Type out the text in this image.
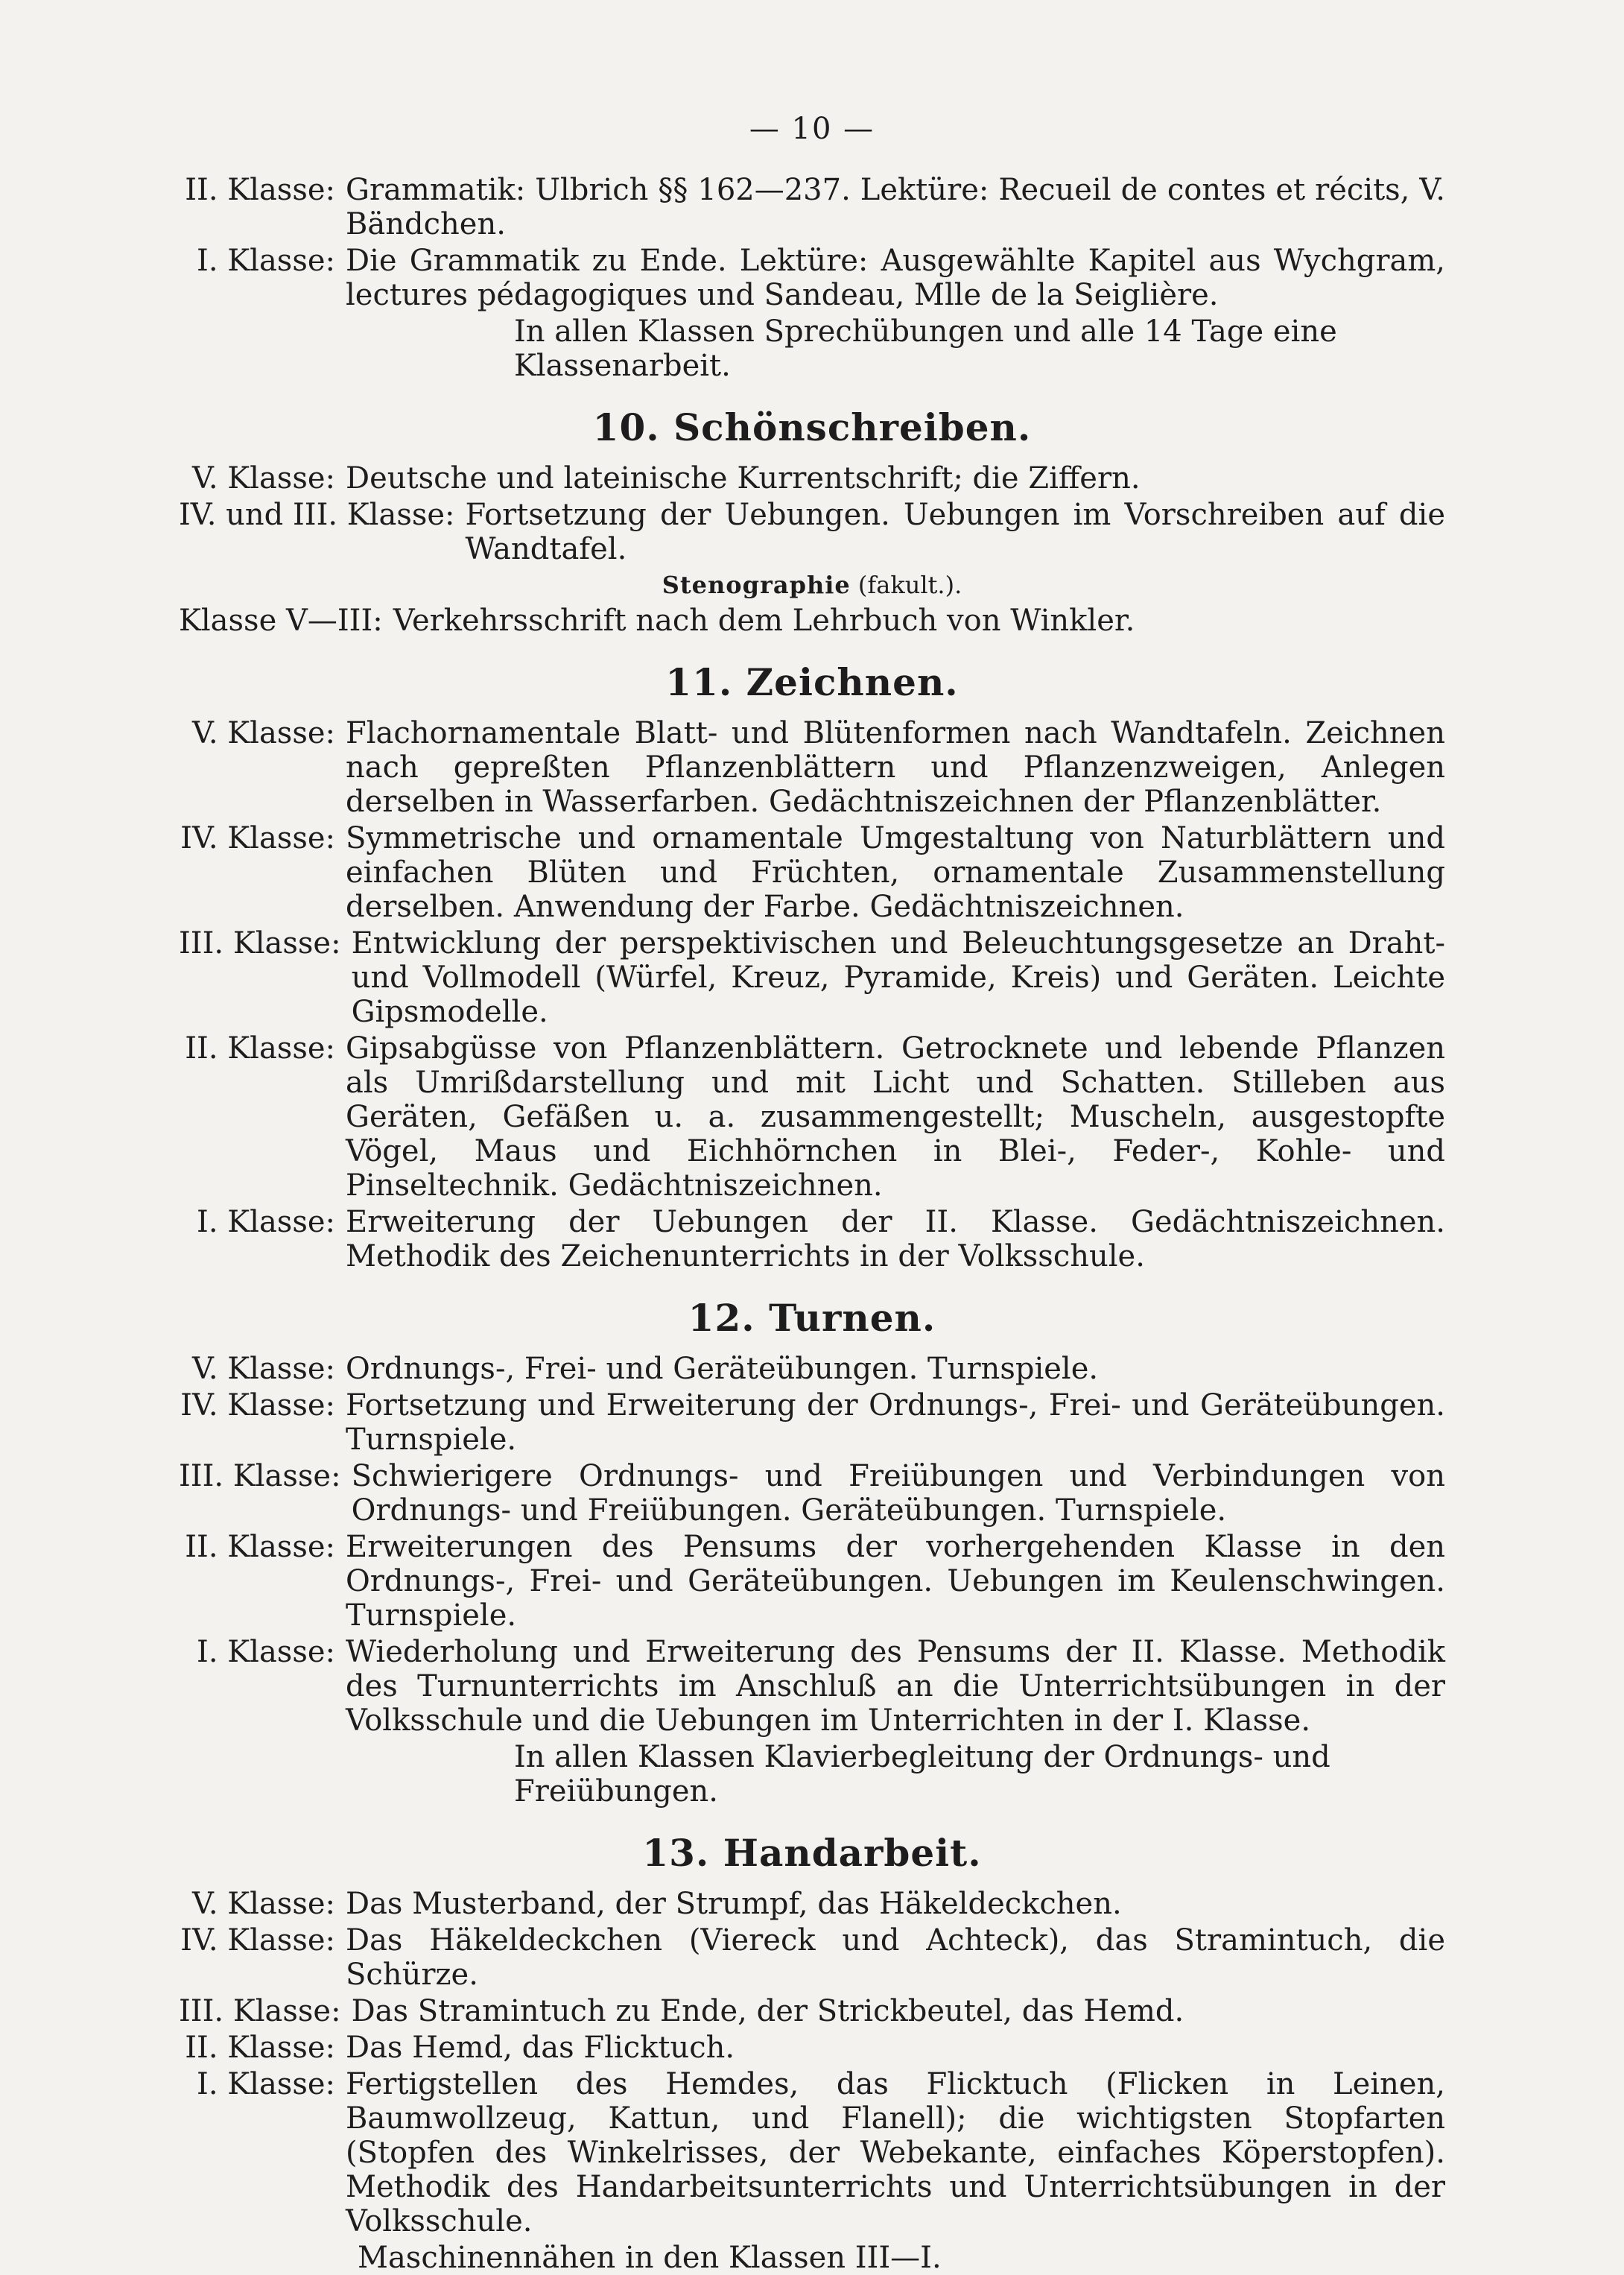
— 10 —
II. Klasse: Grammatik: Ulbrich §§ 162—237. Lektüre: Recueil de contes et récits, V. Bändchen.
I. Klasse: Die Grammatik zu Ende. Lektüre: Ausgewählte Kapitel aus Wychgram, lectures pédagogiques und Sandeau, Mlle de la Seiglière.
In allen Klassen Sprechübungen und alle 14 Tage eine Klassenarbeit.
10. Schönschreiben.
V. Klasse: Deutsche und lateinische Kurrentschrift; die Ziffern.
IV. und III. Klasse: Fortsetzung der Uebungen. Uebungen im Vorschreiben auf die Wandtafel.
Stenographie (fakult.).
Klasse V—III: Verkehrsschrift nach dem Lehrbuch von Winkler.
11. Zeichnen.
V. Klasse: Flachornamentale Blatt- und Blütenformen nach Wandtafeln. Zeichnen nach gepreßten Pflanzenblättern und Pflanzenzweigen, Anlegen derselben in Wasserfarben. Gedächtniszeichnen der Pflanzenblätter.
IV. Klasse: Symmetrische und ornamentale Umgestaltung von Naturblättern und einfachen Blüten und Früchten, ornamentale Zusammenstellung derselben. Anwendung der Farbe. Gedächtniszeichnen.
III. Klasse: Entwicklung der perspektivischen und Beleuchtungsgesetze an Draht- und Vollmodell (Würfel, Kreuz, Pyramide, Kreis) und Geräten. Leichte Gipsmodelle.
II. Klasse: Gipsabgüsse von Pflanzenblättern. Getrocknete und lebende Pflanzen als Umrißdarstellung und mit Licht und Schatten. Stilleben aus Geräten, Gefäßen u. a. zusammengestellt; Muscheln, ausgestopfte Vögel, Maus und Eichhörnchen in Blei-, Feder-, Kohle- und Pinseltechnik. Gedächtniszeichnen.
I. Klasse: Erweiterung der Uebungen der II. Klasse. Gedächtniszeichnen. Methodik des Zeichenunterrichts in der Volksschule.
12. Turnen.
V. Klasse: Ordnungs-, Frei- und Geräteübungen. Turnspiele.
IV. Klasse: Fortsetzung und Erweiterung der Ordnungs-, Frei- und Geräteübungen. Turnspiele.
III. Klasse: Schwierigere Ordnungs- und Freiübungen und Verbindungen von Ordnungs- und Freiübungen. Geräteübungen. Turnspiele.
II. Klasse: Erweiterungen des Pensums der vorhergehenden Klasse in den Ordnungs-, Frei- und Geräteübungen. Uebungen im Keulenschwingen. Turnspiele.
I. Klasse: Wiederholung und Erweiterung des Pensums der II. Klasse. Methodik des Turnunterrichts im Anschluß an die Unterrichtsübungen in der Volksschule und die Uebungen im Unterrichten in der I. Klasse.
In allen Klassen Klavierbegleitung der Ordnungs- und Freiübungen.
13. Handarbeit.
V. Klasse: Das Musterband, der Strumpf, das Häkeldeckchen.
IV. Klasse: Das Häkeldeckchen (Viereck und Achteck), das Stramintuch, die Schürze.
III. Klasse: Das Stramintuch zu Ende, der Strickbeutel, das Hemd.
II. Klasse: Das Hemd, das Flicktuch.
I. Klasse: Fertigstellen des Hemdes, das Flicktuch (Flicken in Leinen, Baumwollzeug, Kattun, und Flanell); die wichtigsten Stopfarten (Stopfen des Winkelrisses, der Webekante, einfaches Köperstopfen). Methodik des Handarbeitsunterrichts und Unterrichtsübungen in der Volksschule.
Maschinennähen in den Klassen III—I.
